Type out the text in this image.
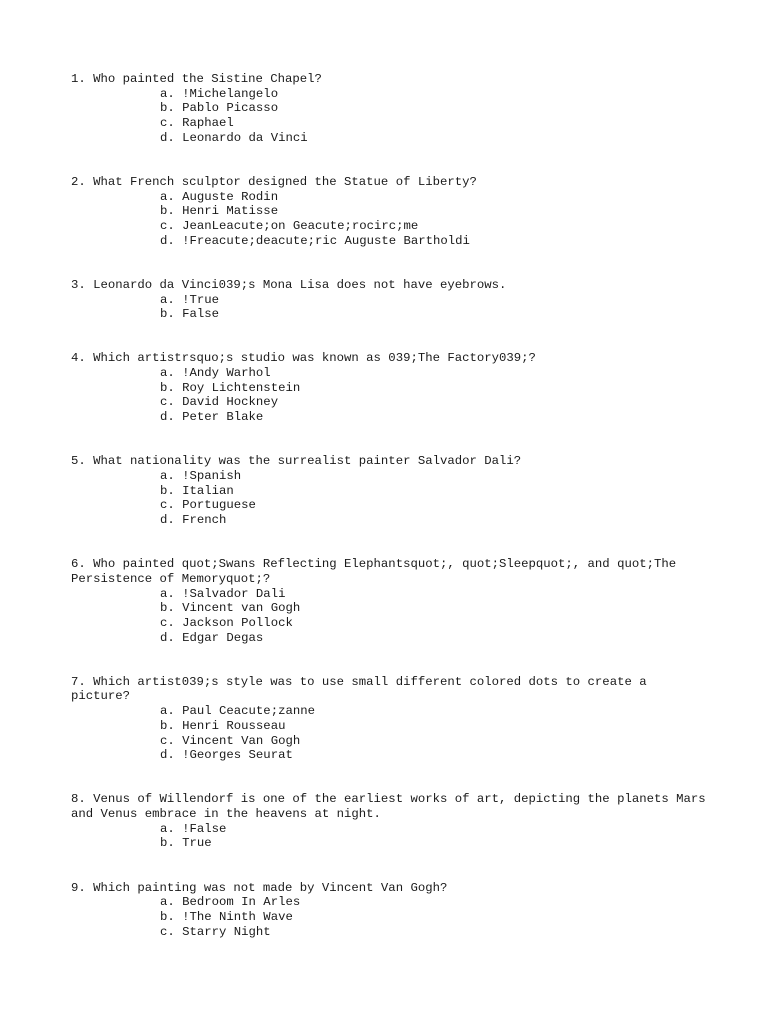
1. Who painted the Sistine Chapel?
a. !Michelangelo
b. Pablo Picasso
c. Raphael
d. Leonardo da Vinci
2. What French sculptor designed the Statue of Liberty?
a. Auguste Rodin
b. Henri Matisse
c. JeanLeacute;on Geacute;rocirc;me
d. !Freacute;deacute;ric Auguste Bartholdi
3. Leonardo da Vinci039;s Mona Lisa does not have eyebrows.
a. !True
b. False
4. Which artistrsquo;s studio was known as 039;The Factory039;?
a. !Andy Warhol
b. Roy Lichtenstein
c. David Hockney
d. Peter Blake
5. What nationality was the surrealist painter Salvador Dali?
a. !Spanish
b. Italian
c. Portuguese
d. French
6. Who painted quot;Swans Reflecting Elephantsquot;, quot;Sleepquot;, and quot;The Persistence of Memoryquot;?
a. !Salvador Dali
b. Vincent van Gogh
c. Jackson Pollock
d. Edgar Degas
7. Which artist039;s style was to use small different colored dots to create a picture?
a. Paul Ceacute;zanne
b. Henri Rousseau
c. Vincent Van Gogh
d. !Georges Seurat
8. Venus of Willendorf is one of the earliest works of art, depicting the planets Mars and Venus embrace in the heavens at night.
a. !False
b. True
9. Which painting was not made by Vincent Van Gogh?
a. Bedroom In Arles
b. !The Ninth Wave
c. Starry Night
